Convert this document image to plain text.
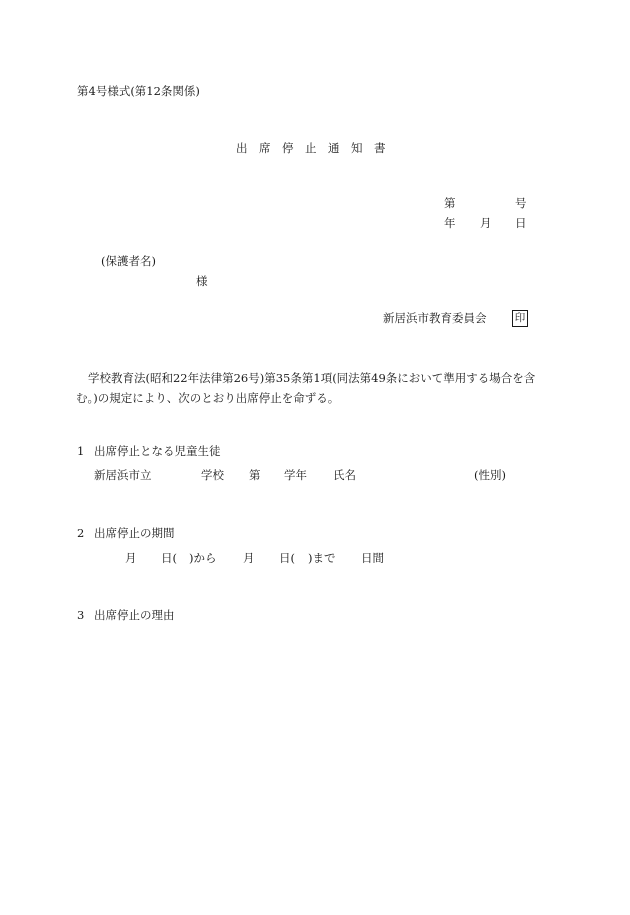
第4号様式(第12条関係)
出　席　停　止　通　知　書
第	号
年 月 日
(保護者名)
様
新居浜市教育委員会	印
学校教育法(昭和22年法律第26号)第35条第1項(同法第49条において準用する場合を含む。)の規定により、次のとおり出席停止を命ずる。
1 出席停止となる児童生徒
新居浜市立	学校 第 学年 氏名	(性別)
2 出席停止の期間
月 日( )から 月 日( )まで 日間
3 出席停止の理由
